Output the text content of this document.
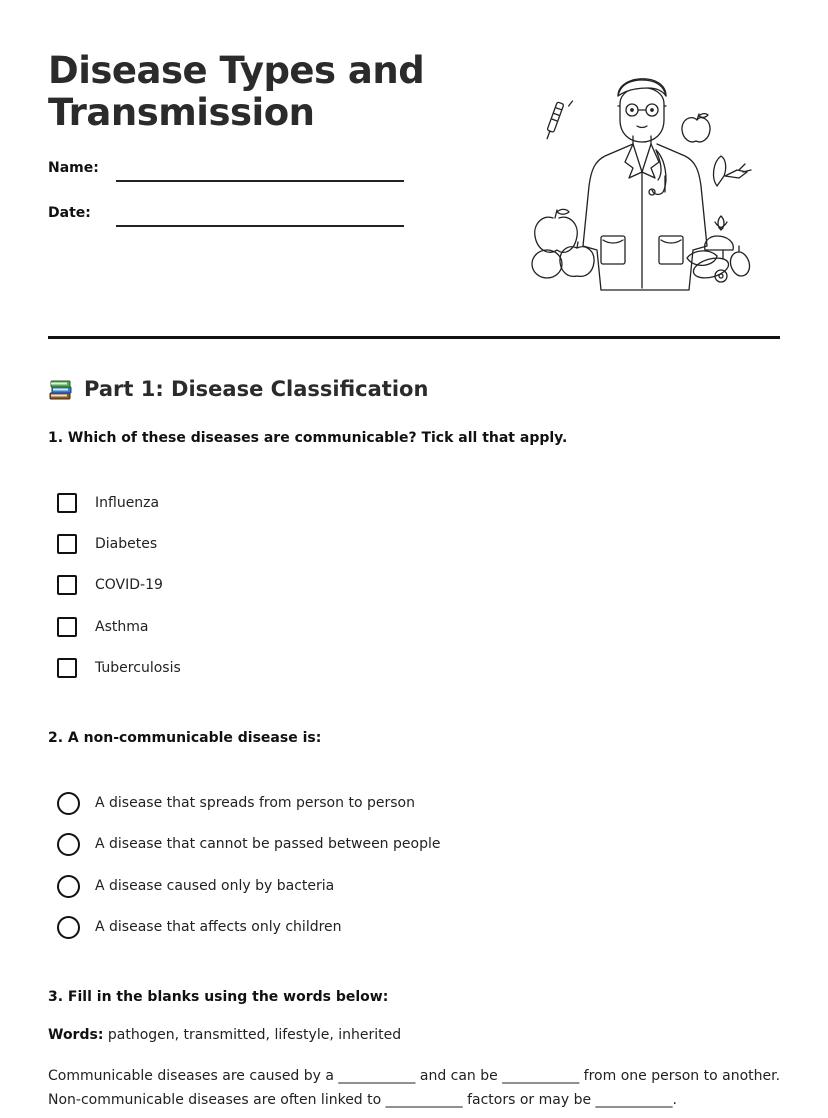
Disease Types and Transmission
Name:
Date:
Part 1: Disease Classification

1. Which of these diseases are communicable? Tick all that apply.

Influenza
Diabetes
COVID-19
Asthma
Tuberculosis

2. A non-communicable disease is:

A disease that spreads from person to person
A disease that cannot be passed between people
A disease caused only by bacteria
A disease that affects only children

3. Fill in the blanks using the words below:

Words: pathogen, transmitted, lifestyle, inherited
Communicable diseases are caused by a ___________ and can be ___________ from one person to another.
Non-communicable diseases are often linked to ___________ factors or may be ___________.
